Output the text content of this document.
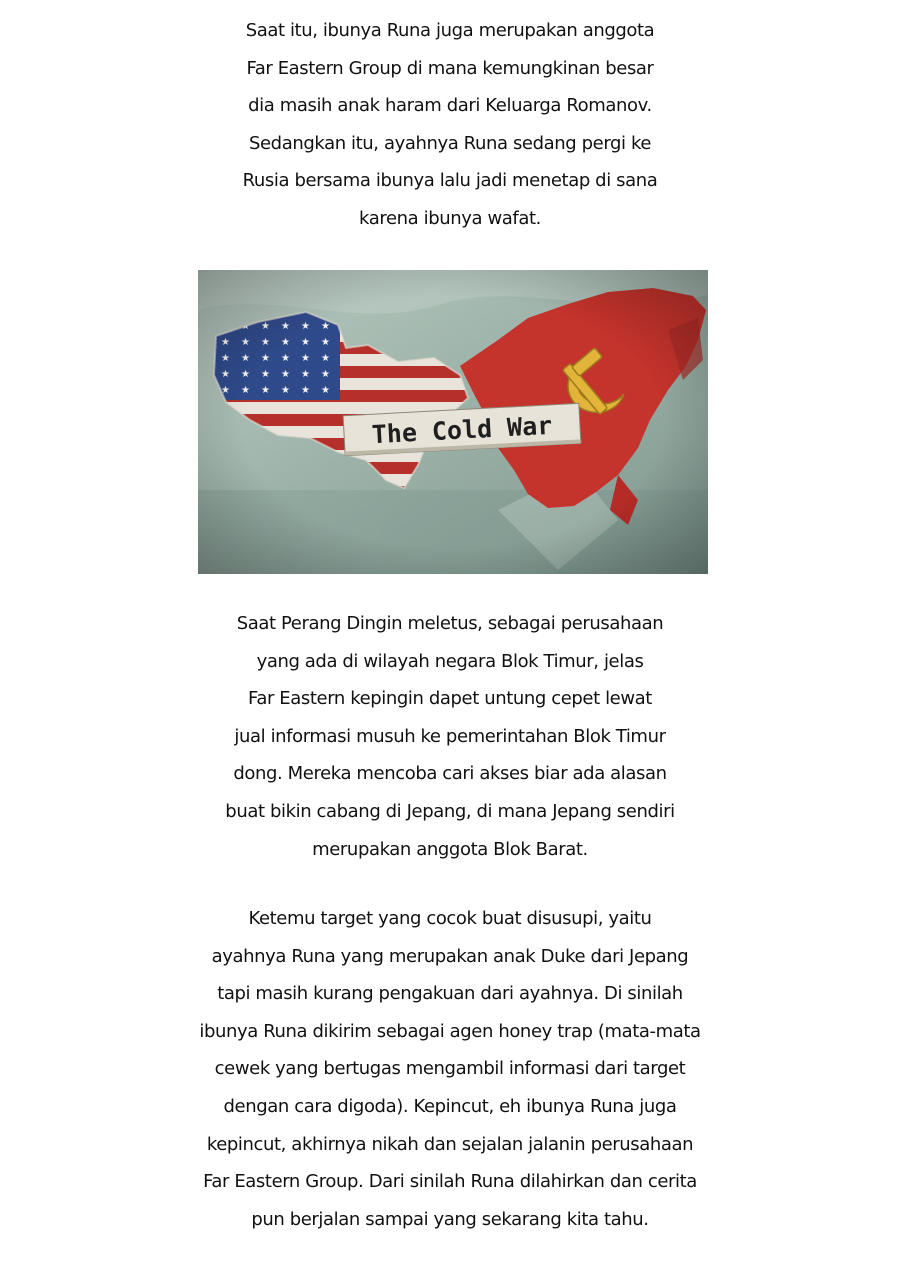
Saat itu, ibunya Runa juga merupakan anggota
Far Eastern Group di mana kemungkinan besar
dia masih anak haram dari Keluarga Romanov.
Sedangkan itu, ayahnya Runa sedang pergi ke
Rusia bersama ibunya lalu jadi menetap di sana
karena ibunya wafat.
Saat Perang Dingin meletus, sebagai perusahaan
yang ada di wilayah negara Blok Timur, jelas
Far Eastern kepingin dapet untung cepet lewat
jual informasi musuh ke pemerintahan Blok Timur
dong. Mereka mencoba cari akses biar ada alasan
buat bikin cabang di Jepang, di mana Jepang sendiri
merupakan anggota Blok Barat.
Ketemu target yang cocok buat disusupi, yaitu
ayahnya Runa yang merupakan anak Duke dari Jepang
tapi masih kurang pengakuan dari ayahnya. Di sinilah
ibunya Runa dikirim sebagai agen honey trap (mata-mata
cewek yang bertugas mengambil informasi dari target
dengan cara digoda). Kepincut, eh ibunya Runa juga
kepincut, akhirnya nikah dan sejalan jalanin perusahaan
Far Eastern Group. Dari sinilah Runa dilahirkan dan cerita
pun berjalan sampai yang sekarang kita tahu.
